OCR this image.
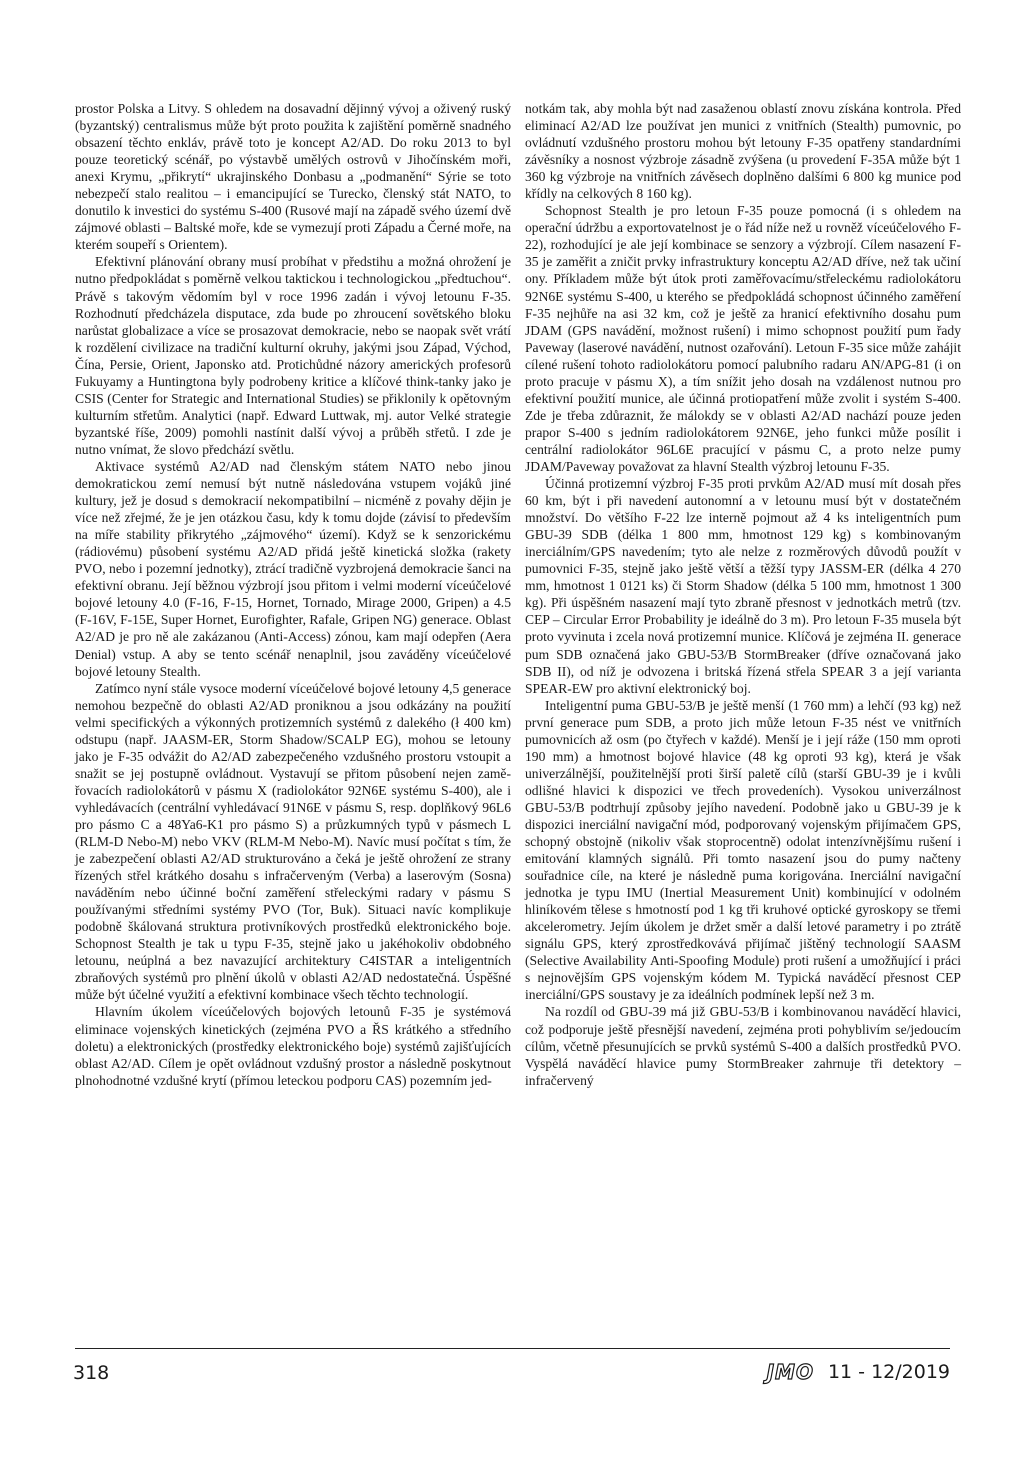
prostor Polska a Litvy. S ohledem na dosavadní dějinný vývoj a oživený ruský (byzantský) centralismus může být proto použita k zajištění poměrně snadného obsazení těchto enkláv, právě toto je koncept A2/AD. Do roku 2013 to byl pouze teoretický scénář, po výstavbě umělých ostrovů v Jihočínském moři, anexi Krymu, „přikrytí“ ukrajinského Donbasu a „podmanění“ Sýrie se toto nebezpečí stalo realitou – i emancipující se Turecko, členský stát NATO, to donutilo k investici do systému S-400 (Rusové mají na západě svého území dvě zájmové oblasti – Baltské moře, kde se vymezují proti Západu a Černé moře, na kterém soupeří s Orientem).

Efektivní plánování obrany musí probíhat v předstihu a možná ohrožení je nutno předpokládat s poměrně velkou taktickou i technologickou „předtuchou“. Právě s takovým vědomím byl v roce 1996 zadán i vývoj letounu F-35. Rozhodnutí předcházela disputace, zda bude po zhroucení sovětského bloku narůstat globalizace a více se prosazovat demokracie, nebo se naopak svět vrátí k rozdělení civilizace na tradiční kulturní okruhy, jakými jsou Západ, Východ, Čína, Persie, Orient, Japonsko atd. Protichůdné názory amerických profesorů Fukuyamy a Huntingtona byly podrobeny kritice a klíčové think-tanky jako je CSIS (Center for Strategic and International Studies) se přiklonily k opětovným kulturním střetům. Analytici (např. Edward Luttwak, mj. autor Velké strategie byzantské říše, 2009) pomohli nastínit další vývoj a průběh střetů. I zde je nutno vnímat, že slovo předchází světlu.

Aktivace systémů A2/AD nad členským státem NATO nebo jinou demokratickou zemí nemusí být nutně následována vstupem vojáků jiné kultury, jež je dosud s demokracií nekompatibilní – nicméně z povahy dějin je více než zřejmé, že je jen otázkou času, kdy k tomu dojde (závisí to především na míře stability přikrytého „zájmového“ území). Když se k senzorickému (rádiovému) působení systému A2/AD přidá ještě kinetická složka (rakety PVO, nebo i pozemní jednotky), ztrácí tradičně vyzbrojená demokracie šanci na efektivní obranu. Její běžnou výzbrojí jsou přitom i velmi moderní víceúčelové bojové letouny 4.0 (F-16, F-15, Hornet, Tornado, Mirage 2000, Gripen) a 4.5 (F-16V, F-15E, Super Hornet, Eurofighter, Rafale, Gripen NG) generace. Oblast A2/AD je pro ně ale zakázanou (Anti-Access) zónou, kam mají odepřen (Aera Denial) vstup. A aby se tento scénář nenaplnil, jsou zaváděny víceúčelové bojové letouny Stealth.

Zatímco nyní stále vysoce moderní víceúčelové bojové letouny 4,5 generace nemohou bezpečně do oblasti A2/AD proniknou a jsou odkázány na použití velmi specifických a výkonných protizemních systémů z dalekého (ł 400 km) odstupu (např. JAASM-ER, Storm Shadow/SCALP EG), mohou se letouny jako je F-35 odvážit do A2/AD zabezpečeného vzdušného prostoru vstoupit a snažit se jej postupně ovládnout. Vystavují se přitom působení nejen zaměřovacích radiolokátorů v pásmu X (radiolokátor 92N6E systému S-400), ale i vyhledávacích (centrální vyhledávací 91N6E v pásmu S, resp. doplňkový 96L6 pro pásmo C a 48Ya6-K1 pro pásmo S) a průzkumných typů v pásmech L (RLM-D Nebo-M) nebo VKV (RLM-M Nebo-M). Navíc musí počítat s tím, že je zabezpečení oblasti A2/AD strukturováno a čeká je ještě ohrožení ze strany řízených střel krátkého dosahu s infračerveným (Verba) a laserovým (Sosna) naváděním nebo účinné boční zaměření střeleckými radary v pásmu S používanými středními systémy PVO (Tor, Buk). Situaci navíc komplikuje podobně škálovaná struktura protivníkových prostředků elektronického boje. Schopnost Stealth je tak u typu F-35, stejně jako u jakéhokoliv obdobného letounu, neúplná a bez navazující architektury C4ISTAR a inteligentních zbraňových systémů pro plnění úkolů v oblasti A2/AD nedostatečná. Úspěšné může být účelné využití a efektivní kombinace všech těchto technologií.

Hlavním úkolem víceúčelových bojových letounů F-35 je systémová eliminace vojenských kinetických (zejména PVO a ŘS krátkého a středního doletu) a elektronických (prostředky elektronického boje) systémů zajišťujících oblast A2/AD. Cílem je opět ovládnout vzdušný prostor a následně poskytnout plnohodnotné vzdušné krytí (přímou leteckou podporu CAS) pozemním jed-

notkám tak, aby mohla být nad zasaženou oblastí znovu získána kontrola. Před eliminací A2/AD lze používat jen munici z vnitřních (Stealth) pumovnic, po ovládnutí vzdušného prostoru mohou být letouny F-35 opatřeny standardními závěsníky a nosnost výzbroje zásadně zvýšena (u provedení F-35A může být 1 360 kg výzbroje na vnitřních závěsech doplněno dalšími 6 800 kg munice pod křídly na celkových 8 160 kg).

Schopnost Stealth je pro letoun F-35 pouze pomocná (i s ohledem na operační údržbu a exportovatelnost je o řád níže než u rovněž víceúčelového F-22), rozhodující je ale její kombinace se senzory a výzbrojí. Cílem nasazení F-35 je zaměřit a zničit prvky infrastruktury konceptu A2/AD dříve, než tak učiní ony. Příkladem může být útok proti zaměřovacímu/střeleckému radiolokátoru 92N6E systému S-400, u kterého se předpokládá schopnost účinného zaměření F-35 nejhůře na asi 32 km, což je ještě za hranicí efektivního dosahu pum JDAM (GPS navádění, možnost rušení) i mimo schopnost použití pum řady Paveway (laserové navádění, nutnost ozařování). Letoun F-35 sice může zahájit cílené rušení tohoto radiolokátoru pomocí palubního radaru AN/APG-81 (i on proto pracuje v pásmu X), a tím snížit jeho dosah na vzdálenost nutnou pro efektivní použití munice, ale účinná protiopatření může zvolit i systém S-400. Zde je třeba zdůraznit, že málokdy se v oblasti A2/AD nachází pouze jeden prapor S-400 s jedním radiolokátorem 92N6E, jeho funkci může posílit i centrální radiolokátor 96L6E pracující v pásmu C, a proto nelze pumy JDAM/Paveway považovat za hlavní Stealth výzbroj letounu F-35.

Účinná protizemní výzbroj F-35 proti prvkům A2/AD musí mít dosah přes 60 km, být i při navedení autonomní a v letounu musí být v dostatečném množství. Do většího F-22 lze interně pojmout až 4 ks inteligentních pum GBU-39 SDB (délka 1 800 mm, hmotnost 129 kg) s kombinovaným inerciálním/GPS navedením; tyto ale nelze z rozměrových důvodů použít v pumovnici F-35, stejně jako ještě větší a těžší typy JASSM-ER (délka 4 270 mm, hmotnost 1 0121 ks) či Storm Shadow (délka 5 100 mm, hmotnost 1 300 kg). Při úspěšném nasazení mají tyto zbraně přesnost v jednotkách metrů (tzv. CEP – Circular Error Probability je ideálně do 3 m). Pro letoun F-35 musela být proto vyvinuta i zcela nová protizemní munice. Klíčová je zejména II. generace pum SDB označená jako GBU-53/B StormBreaker (dříve označovaná jako SDB II), od níž je odvozena i britská řízená střela SPEAR 3 a její varianta SPEAR-EW pro aktivní elektronický boj.

Inteligentní puma GBU-53/B je ještě menší (1 760 mm) a lehčí (93 kg) než první generace pum SDB, a proto jich může letoun F-35 nést ve vnitřních pumovnicích až osm (po čtyřech v každé). Menší je i její ráže (150 mm oproti 190 mm) a hmotnost bojové hlavice (48 kg oproti 93 kg), která je však univerzálnější, použitelnější proti širší paletě cílů (starší GBU-39 je i kvůli odlišné hlavici k dispozici ve třech provedeních). Vysokou univerzálnost GBU-53/B podtrhují způsoby jejího navedení. Podobně jako u GBU-39 je k dispozici inerciální navigační mód, podporovaný vojenským přijímačem GPS, schopný obstojně (nikoliv však stoprocentně) odolat intenzívnějšímu rušení i emitování klamných signálů. Při tomto nasazení jsou do pumy načteny souřadnice cíle, na které je následně puma korigována. Inerciální navigační jednotka je typu IMU (Inertial Measurement Unit) kombinující v odolném hliníkovém tělese s hmotností pod 1 kg tři kruhové optické gyroskopy se třemi akcelerometry. Jejím úkolem je držet směr a další letové parametry i po ztrátě signálu GPS, který zprostředkovává přijímač jištěný technologií SAASM (Selective Availability Anti-Spoofing Module) proti rušení a umožňující i práci s nejnovějším GPS vojenským kódem M. Typická naváděcí přesnost CEP inerciální/GPS soustavy je za ideálních podmínek lepší než 3 m.

Na rozdíl od GBU-39 má již GBU-53/B i kombinovanou naváděcí hlavici, což podporuje ještě přesnější navedení, zejména proti pohyblivím se/jedoucím cílům, včetně přesunujících se prvků systémů S-400 a dalších prostředků PVO. Vyspělá naváděcí hlavice pumy StormBreaker zahrnuje tři detektory – infračervený

318	JMO 11 - 12/2019
